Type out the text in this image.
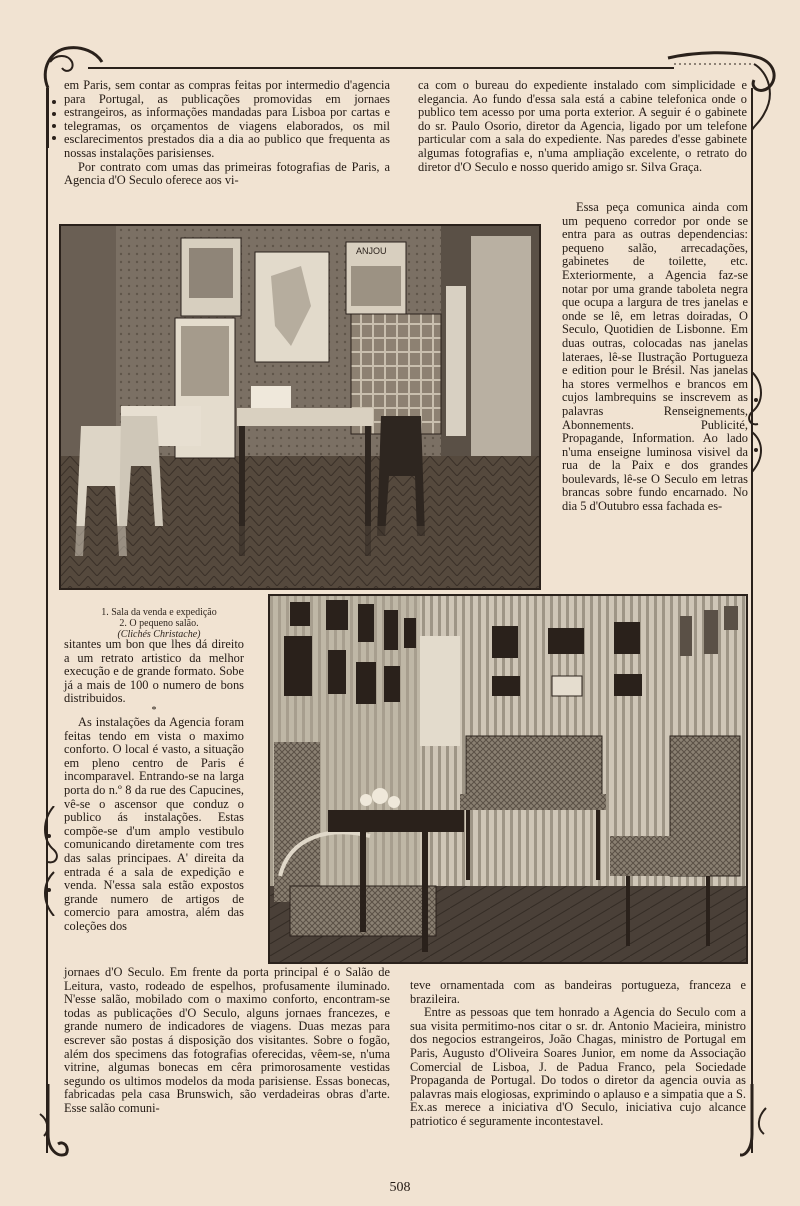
em Paris, sem contar as compras feitas por intermedio d'agencia para Portugal, as publicações promovidas em jornaes estrangeiros, as informações mandadas para Lisboa por cartas e telegramas, os orçamentos de viagens elaborados, os mil esclarecimentos prestados dia a dia ao publico que frequenta as nossas instalações parisienses.

Por contrato com umas das primeiras fotografias de Paris, a Agencia d'O Seculo oferece aos vi-

ca com o bureau do expediente instalado com simplicidade e elegancia. Ao fundo d'essa sala está a cabine telefonica onde o publico tem acesso por uma porta exterior. A seguir é o gabinete do sr. Paulo Osorio, diretor da Agencia, ligado por um telefone particular com a sala do expediente. Nas paredes d'esse gabinete algumas fotografias e, n'uma ampliação excelente, o retrato do diretor d'O Seculo e nosso querido amigo sr. Silva Graça.

ANJOU

Essa peça comunica ainda com um pequeno corredor por onde se entra para as outras dependencias: pequeno salão, arrecadações, gabinetes de toilette, etc. Exteriormente, a Agencia faz-se notar por uma grande taboleta negra que ocupa a largura de tres janelas e onde se lê, em letras doiradas, O Seculo, Quotidien de Lisbonne. Em duas outras, colocadas nas janelas lateraes, lê-se Ilustração Portugueza e edition pour le Brésil. Nas janelas ha stores vermelhos e brancos em cujos lambrequins se inscrevem as palavras Renseignements, Abonnements. Publicité, Propagande, Information. Ao lado n'uma enseigne luminosa visivel da rua de la Paix e dos grandes boulevards, lê-se O Seculo em letras brancas sobre fundo encarnado. No dia 5 d'Outubro essa fachada es-

1. Sala da venda e expedição
2. O pequeno salão.
(Clichés Christache)

sitantes um bon que lhes dá direito a um retrato artistico da melhor execução e de grande formato. Sobe já a mais de 100 o numero de bons distribuidos.

*

As instalações da Agencia foram feitas tendo em vista o maximo conforto. O local é vasto, a situação em pleno centro de Paris é incomparavel. Entrando-se na larga porta do n.º 8 da rue des Capucines, vê-se o ascensor que conduz o publico ás instalações. Estas compõe-se d'um amplo vestibulo comunicando diretamente com tres das salas principaes. A' direita da entrada é a sala de expedição e venda. N'essa sala estão expostos grande numero de artigos de comercio para amostra, além das coleções dos

jornaes d'O Seculo. Em frente da porta principal é o Salão de Leitura, vasto, rodeado de espelhos, profusamente iluminado. N'esse salão, mobilado com o maximo conforto, encontram-se todas as publicações d'O Seculo, alguns jornaes francezes, e grande numero de indicadores de viagens. Duas mezas para escrever são postas á disposição dos visitantes. Sobre o fogão, além dos specimens das fotografias oferecidas, vêem-se, n'uma vitrine, algumas bonecas em cêra primorosamente vestidas segundo os ultimos modelos da moda parisiense. Essas bonecas, fabricadas pela casa Brunswich, são verdadeiras obras d'arte. Esse salão comuni-

teve ornamentada com as bandeiras portugueza, franceza e brazileira.

Entre as pessoas que tem honrado a Agencia do Seculo com a sua visita permitimo-nos citar o sr. dr. Antonio Macieira, ministro dos negocios estrangeiros, João Chagas, ministro de Portugal em Paris, Augusto d'Oliveira Soares Junior, em nome da Associação Comercial de Lisboa, J. de Padua Franco, pela Sociedade Propaganda de Portugal. Do todos o diretor da agencia ouvia as palavras mais elogiosas, exprimindo o aplauso e a simpatia que a S. Ex.as merece a iniciativa d'O Seculo, iniciativa cujo alcance patriotico é seguramente incontestavel.

508
